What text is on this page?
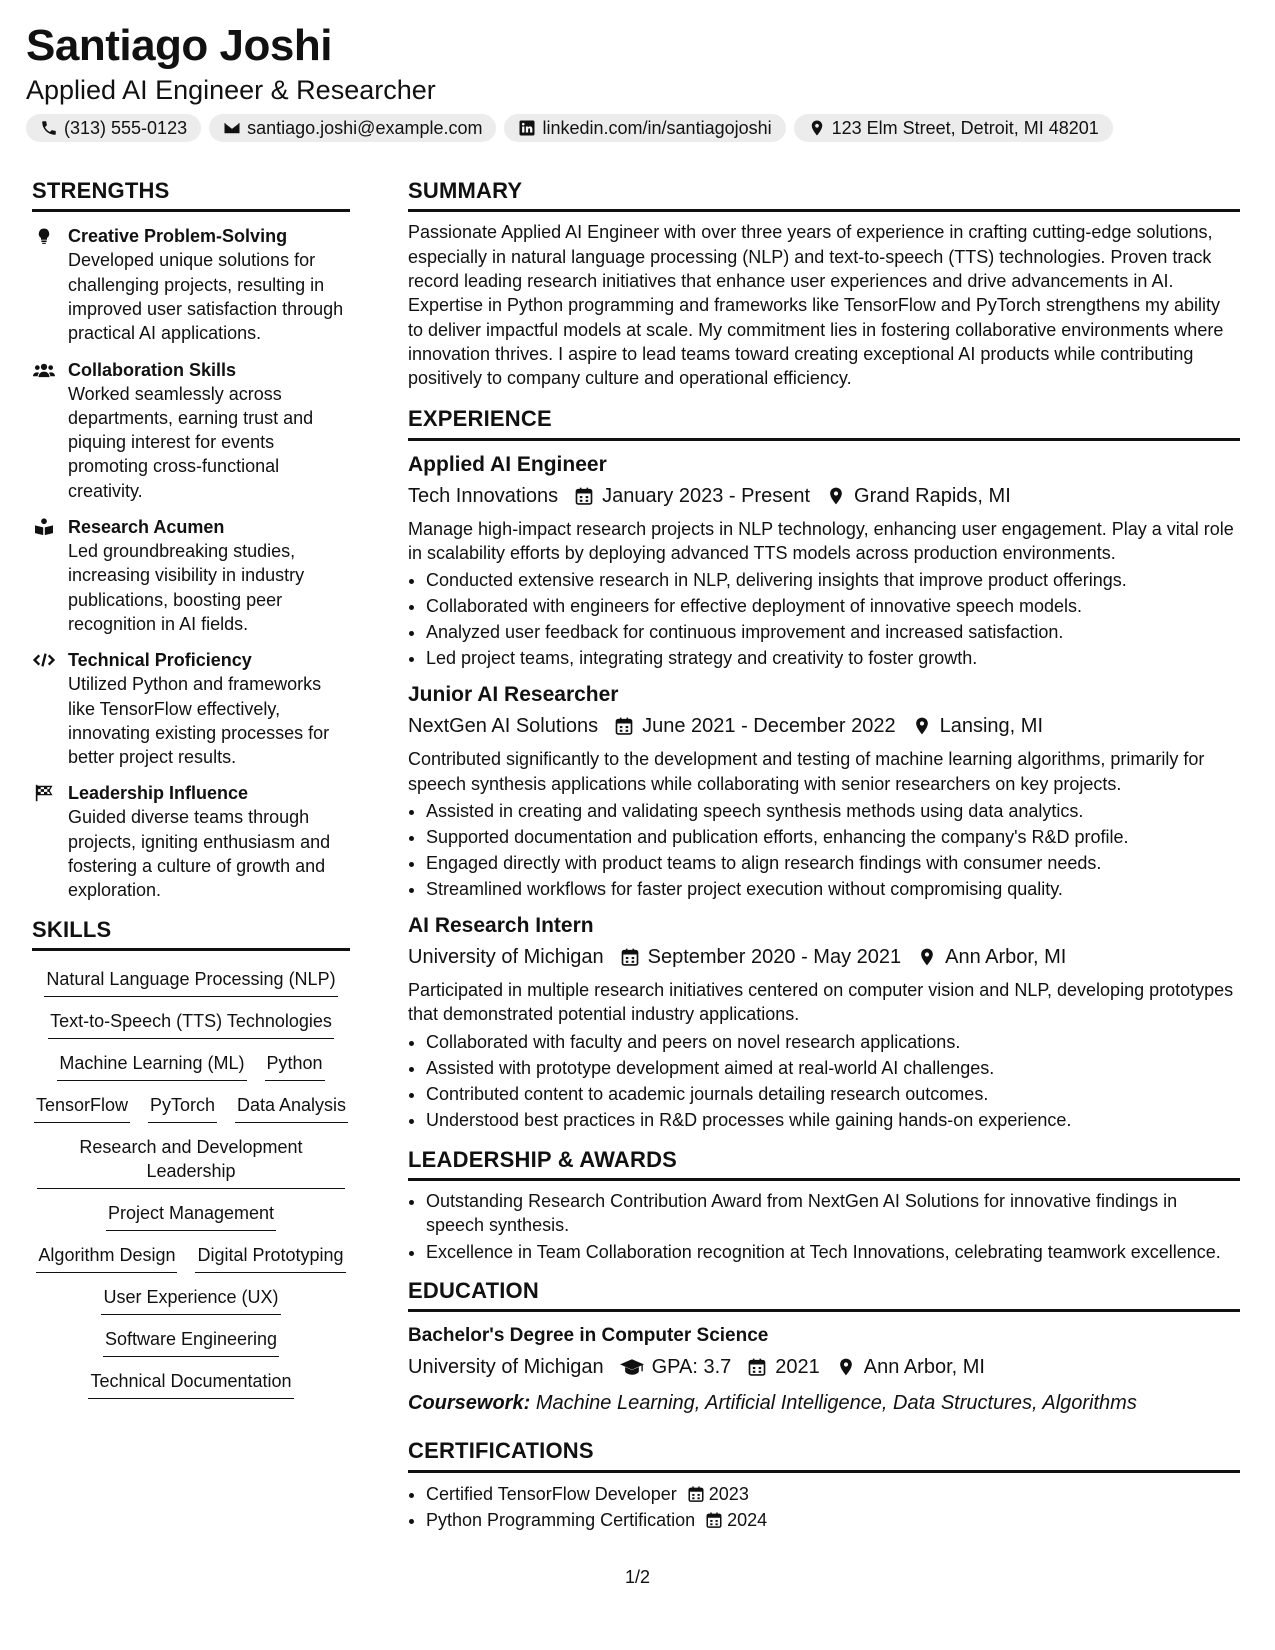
Santiago Joshi
Applied AI Engineer & Researcher
(313) 555-0123	santiago.joshi@example.com	linkedin.com/in/santiagojoshi	123 Elm Street, Detroit, MI 48201
STRENGTHS
Creative Problem-Solving
Developed unique solutions for challenging projects, resulting in improved user satisfaction through practical AI applications.
Collaboration Skills
Worked seamlessly across departments, earning trust and piquing interest for events promoting cross-functional creativity.
Research Acumen
Led groundbreaking studies, increasing visibility in industry publications, boosting peer recognition in AI fields.
Technical Proficiency
Utilized Python and frameworks like TensorFlow effectively, innovating existing processes for better project results.
Leadership Influence
Guided diverse teams through projects, igniting enthusiasm and fostering a culture of growth and exploration.
SKILLS
Natural Language Processing (NLP)
Text-to-Speech (TTS) Technologies
Machine Learning (ML) Python
TensorFlow PyTorch Data Analysis
Research and Development Leadership
Project Management
Algorithm Design Digital Prototyping
User Experience (UX)
Software Engineering
Technical Documentation
SUMMARY
Passionate Applied AI Engineer with over three years of experience in crafting cutting-edge solutions, especially in natural language processing (NLP) and text-to-speech (TTS) technologies. Proven track record leading research initiatives that enhance user experiences and drive advancements in AI. Expertise in Python programming and frameworks like TensorFlow and PyTorch strengthens my ability to deliver impactful models at scale. My commitment lies in fostering collaborative environments where innovation thrives. I aspire to lead teams toward creating exceptional AI products while contributing positively to company culture and operational efficiency.
EXPERIENCE
Applied AI Engineer
Tech Innovations January 2023 - Present Grand Rapids, MI
Manage high-impact research projects in NLP technology, enhancing user engagement. Play a vital role in scalability efforts by deploying advanced TTS models across production environments.
• Conducted extensive research in NLP, delivering insights that improve product offerings.
• Collaborated with engineers for effective deployment of innovative speech models.
• Analyzed user feedback for continuous improvement and increased satisfaction.
• Led project teams, integrating strategy and creativity to foster growth.
Junior AI Researcher
NextGen AI Solutions June 2021 - December 2022 Lansing, MI
Contributed significantly to the development and testing of machine learning algorithms, primarily for speech synthesis applications while collaborating with senior researchers on key projects.
• Assisted in creating and validating speech synthesis methods using data analytics.
• Supported documentation and publication efforts, enhancing the company's R&D profile.
• Engaged directly with product teams to align research findings with consumer needs.
• Streamlined workflows for faster project execution without compromising quality.
AI Research Intern
University of Michigan September 2020 - May 2021 Ann Arbor, MI
Participated in multiple research initiatives centered on computer vision and NLP, developing prototypes that demonstrated potential industry applications.
• Collaborated with faculty and peers on novel research applications.
• Assisted with prototype development aimed at real-world AI challenges.
• Contributed content to academic journals detailing research outcomes.
• Understood best practices in R&D processes while gaining hands-on experience.
LEADERSHIP & AWARDS
• Outstanding Research Contribution Award from NextGen AI Solutions for innovative findings in speech synthesis.
• Excellence in Team Collaboration recognition at Tech Innovations, celebrating teamwork excellence.
EDUCATION
Bachelor's Degree in Computer Science
University of Michigan GPA: 3.7 2021 Ann Arbor, MI
Coursework: Machine Learning, Artificial Intelligence, Data Structures, Algorithms
CERTIFICATIONS
• Certified TensorFlow Developer 2023
• Python Programming Certification 2024
1/2
